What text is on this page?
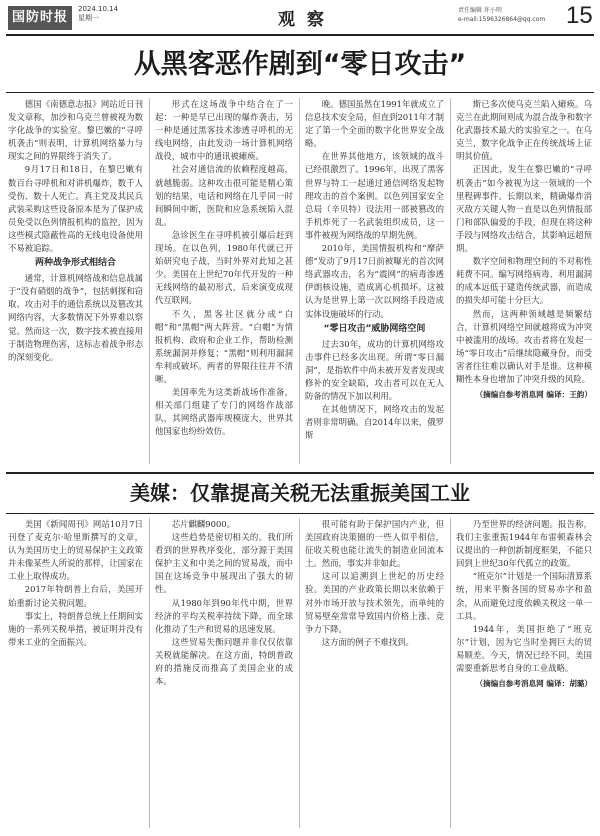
国防时报
2024.10.14
星期一	观 察	责任编辑 许小明
e-mail:1596326864@qq.com 15
从黑客恶作剧到“零日攻击”

德国《南德意志报》网站近日刊发文章称，加沙和乌克兰曾被视为数字化战争的实验室。黎巴嫩的“寻呼机袭击”则表明，计算机网络暴力与现实之间的界限终于消失了。

9月17日和18日，在黎巴嫩有数百台寻呼机和对讲机爆炸，数千人受伤、数十人死亡。真主党及其民兵武装采购这些设备原本是为了保护成员免受以色列情报机构的监控，因为这些模式隐蔽性高的无线电设备使用不易被追踪。

两种战争形式相结合

通常，计算机网络战和信息战属于“没有硝烟的战争”，包括刺探和窃取、攻击对手的通信系统以及篡改其网络内容，大多数情况下外界难以察觉。然而这一次，数字技术被直接用于制造物理伤害，这标志着战争形态的深刻变化。

形式在这场战争中结合在了一起：一种是早已出现的爆炸袭击，另一种是通过黑客技术渗透寻呼机的无线电网络，由此发动一场计算机网络战役，城市中的通讯被瘫痪。

社会对通信流的依赖程度越高，就越脆弱。这种攻击很可能是精心策划的结果，电话和网络在几乎同一时间瞬间中断，医院和应急系统陷入混乱。

急诊医生在寻呼机被引爆后赶到现场。在以色列，1980年代就已开始研究电子战，当时外界对此知之甚少。美国在上世纪70年代开发的一种无线网络的最初形式，后来演变成现代互联网。

不久，黑客社区就分成“白帽”和“黑帽”两大阵营。“白帽”为情报机构、政府和企业工作，帮助检测系统漏洞并修复；“黑帽”则利用漏洞牟利或破坏。两者的界限往往并不清晰。

美国率先为这类新战场作准备，相关部门组建了专门的网络作战部队，其网络武器库规模庞大，世界其他国家也纷纷效仿。

晚。德国虽然在1991年就成立了信息技术安全局，但直到2011年才制定了第一个全面的数字化世界安全战略。

在世界其他地方，该领域的战斗已经很激烈了。1996年，出现了黑客世界与特工一起通过通信网络发起物理攻击的首个案例。以色列国家安全总局（辛贝特）设法用一部被篡改的手机炸死了一名武装组织成员，这一事件被视为网络战的早期先例。

2010年，美国情报机构和“摩萨德”发动了9月17日前被曝光的首次网络武器攻击，名为“震网”的病毒渗透伊朗核设施，造成离心机损坏。这被认为是世界上第一次以网络手段造成实体设施破坏的行动。

“零日攻击”威胁网络空间

过去30年，成功的计算机网络攻击事件已经多次出现。所谓“零日漏洞”，是指软件中尚未被开发者发现或修补的安全缺陷，攻击者可以在无人防备的情况下加以利用。

在其他情况下，网络攻击的发起者则非常明确。自2014年以来，俄罗斯

斯已多次使乌克兰陷入瘫痪。乌克兰在此期间则成为混合战争和数字化武器技术最大的实验室之一。在乌克兰，数字化战争正在传统战场上证明其价值。

正因此，发生在黎巴嫩的“寻呼机袭击”如今被视为这一领域的一个里程碑事件。长期以来，精确爆炸消灭敌方关键人物一直是以色列情报部门和部队偏爱的手段，但现在将这种手段与网络攻击结合，其影响远超预期。

数字空间和物理空间的不对称性耗费不同。编写网络病毒、利用漏洞的成本远低于建造传统武器，而造成的损失却可能十分巨大。

然而，这两种领域越是频繁结合，计算机网络空间就越将成为冲突中被滥用的战场。攻击者将在发起一场“零日攻击”后继续隐藏身份，而受害者往往难以确认对手是谁。这种模糊性本身也增加了冲突升级的风险。

（摘编自参考消息网 编译：王韵）

美媒：仅靠提高关税无法重振美国工业

美国《新闻周刊》网站10月7日刊登了麦克尔·哈里斯撰写的文章，认为美国历史上的贸易保护主义政策并未像某些人所说的那样，让国家在工业上取得成功。

2017年特朗普上台后，美国开始重新讨论关税问题。

事实上，特朗普总统上任期间实施的一系列关税举措，被证明并没有带来工业的全面振兴。

芯片麒麟9000。

这些趋势是密切相关的。我们所看到的世界秩序变化，部分源于美国保护主义和中美之间的贸易战，而中国在这场竞争中展现出了强大的韧性。

从1980年到90年代中期，世界经济的平均关税率持续下降，而全球化推动了生产和贸易的迅速发展。

这些贸易失衡问题并非仅仅依靠关税就能解决。在这方面，特朗普政府的措施反而推高了美国企业的成本。

很可能有助于保护国内产业，但美国政府决策圈的一些人似乎相信，征收关税也能让流失的制造业回流本土。然而，事实并非如此。

这可以追溯到上世纪的历史经验。美国的产业政策长期以来依赖于对外市场开放与技术领先，而单纯的贸易壁垒常常导致国内价格上涨、竞争力下降。

这方面的例子不难找到。

乃至世界的经济问题。报告称，我们主张重振1944年布雷顿森林会议提出的一种创新制度框架，不能只回到上世纪30年代孤立的政策。

“班克尔”计划是一个国际清算系统，用来平衡各国的贸易赤字和盈余，从而避免过度依赖关税这一单一工具。

1944年，美国拒绝了“班克尔”计划，因为它当时坐拥巨大的贸易顺差。今天，情况已经不同，美国需要重新思考自身的工业战略。

（摘编自参考消息网 编译：胡璐）
